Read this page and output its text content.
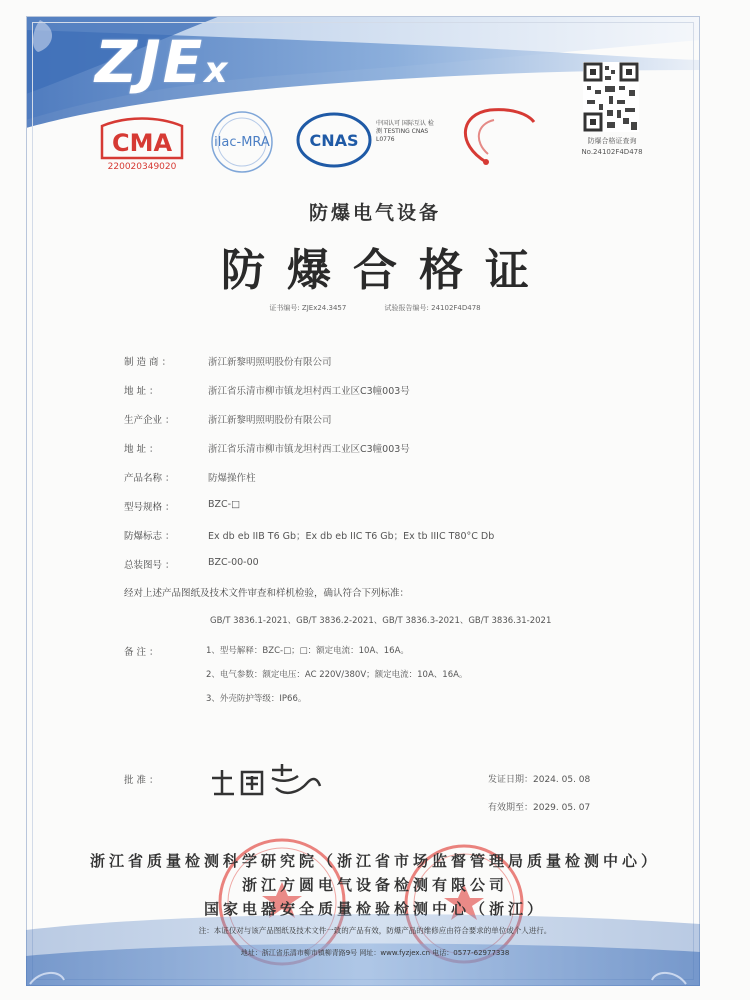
ZJEx
CMA
220020349020
ilac-MRA CNAS
中国认可 国际互认 检测 TESTING CNAS L0776	防爆合格证查询 No.24102F4D478
防爆电气设备
防爆合格证
证书编号: ZJEx24.3457	试验报告编号: 24102F4D478
制 造 商 ：	浙江新黎明照明股份有限公司
地 址 ：	浙江省乐清市柳市镇龙坦村西工业区C3幢003号
生产企业 ：	浙江新黎明照明股份有限公司
地 址 ：	浙江省乐清市柳市镇龙坦村西工业区C3幢003号
产品名称 ：	防爆操作柱
型号规格 ：	BZC-□
防爆标志 ：	Ex db eb IIB T6 Gb；Ex db eb IIC T6 Gb；Ex tb IIIC T80°C Db
总装图号 ：	BZC-00-00
经对上述产品图纸及技术文件审查和样机检验，确认符合下列标准：
GB/T 3836.1-2021、GB/T 3836.2-2021、GB/T 3836.3-2021、GB/T 3836.31-2021
备 注 ：	1、型号解释：BZC-□；□：额定电流：10A、16A。
2、电气参数：额定电压：AC 220V/380V；额定电流：10A、16A。
3、外壳防护等级：IP66。
批 准 ：	发证日期：2024. 05. 08
有效期至：2029. 05. 07
浙江省质量检测科学研究院（浙江省市场监督管理局质量检测中心）
浙江方圆电气设备检测有限公司
国家电器安全质量检验检测中心（浙江）
注：本证仅对与该产品图纸及技术文件一致的产品有效，防爆产品的维修应由符合要求的单位或个人进行。
地址：浙江省乐清市柳市镇柳青路9号 网址：www.fyzjex.cn 电话：0577-62977338
